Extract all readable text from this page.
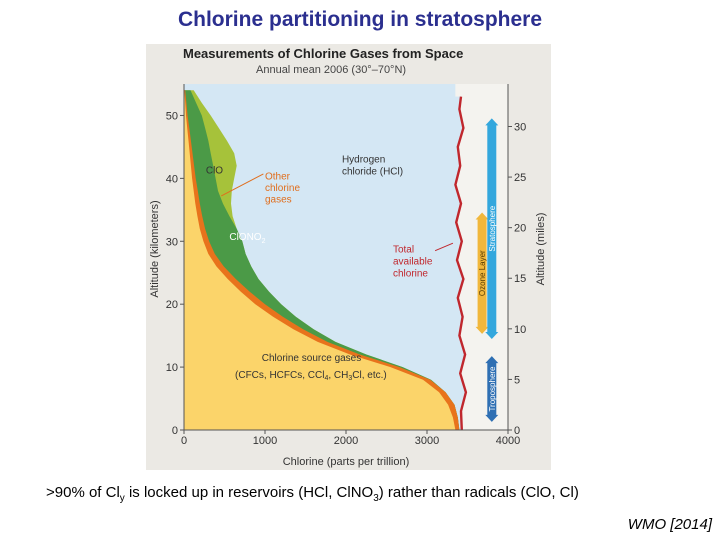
Chlorine partitioning in stratosphere
Measurements of Chlorine Gases from Space
Annual mean 2006 (30°–70°N)
0	1000	2000	3000	4000
0
10
20
30
40
50
0
5
10
15
20
25
30
Hydrogen
chloride (HCl)
ClO
Other
chlorine
gases
ClONO$_2$
Total
available
chlorine
Chlorine source gases
(CFCs, HCFCs, CCl$_4$, $CH_3Cl$, etc.)
Ozone Layer
Stratosphere
Troposphere
Chlorine (parts per trillion)
Altitude (kilometers)	Altitude (miles)
>90% of $Cl_y$ is locked up in reservoirs (HCl, ClNO$_3$) rather than radicals (ClO, Cl)
WMO [2014]
